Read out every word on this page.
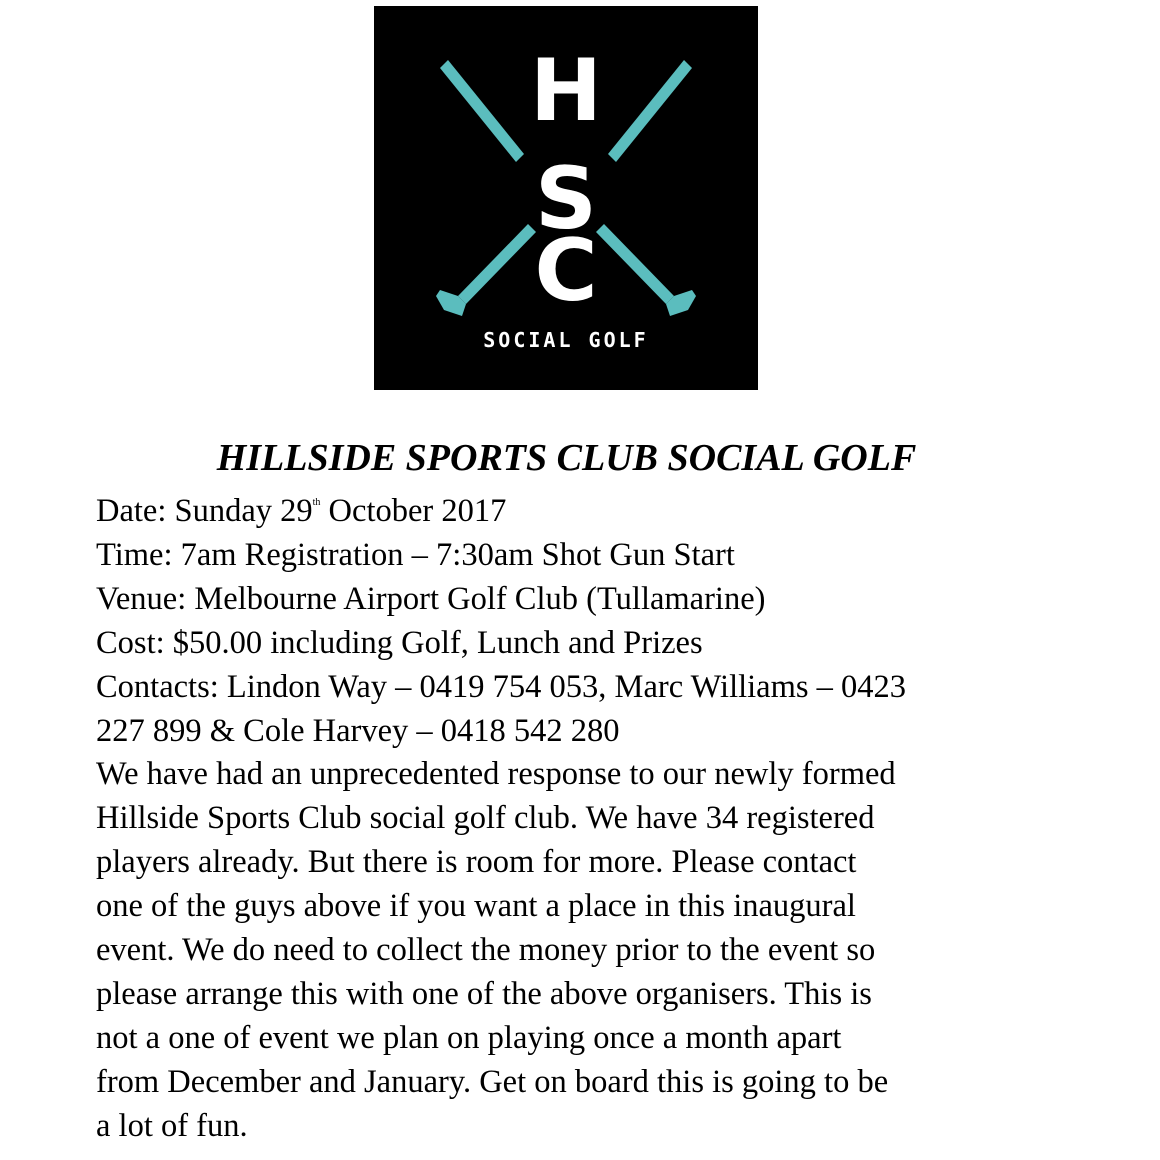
H
S
C
SOCIAL GOLF
HILLSIDE SPORTS CLUB SOCIAL GOLF
Date: Sunday 29th October 2017
Time: 7am Registration – 7:30am Shot Gun Start
Venue: Melbourne Airport Golf Club (Tullamarine)
Cost: $50.00 including Golf, Lunch and Prizes
Contacts: Lindon Way – 0419 754 053, Marc Williams – 0423
227 899 & Cole Harvey – 0418 542 280
We have had an unprecedented response to our newly formed
Hillside Sports Club social golf club. We have 34 registered
players already. But there is room for more. Please contact
one of the guys above if you want a place in this inaugural
event. We do need to collect the money prior to the event so
please arrange this with one of the above organisers. This is
not a one of event we plan on playing once a month apart
from December and January. Get on board this is going to be
a lot of fun.
